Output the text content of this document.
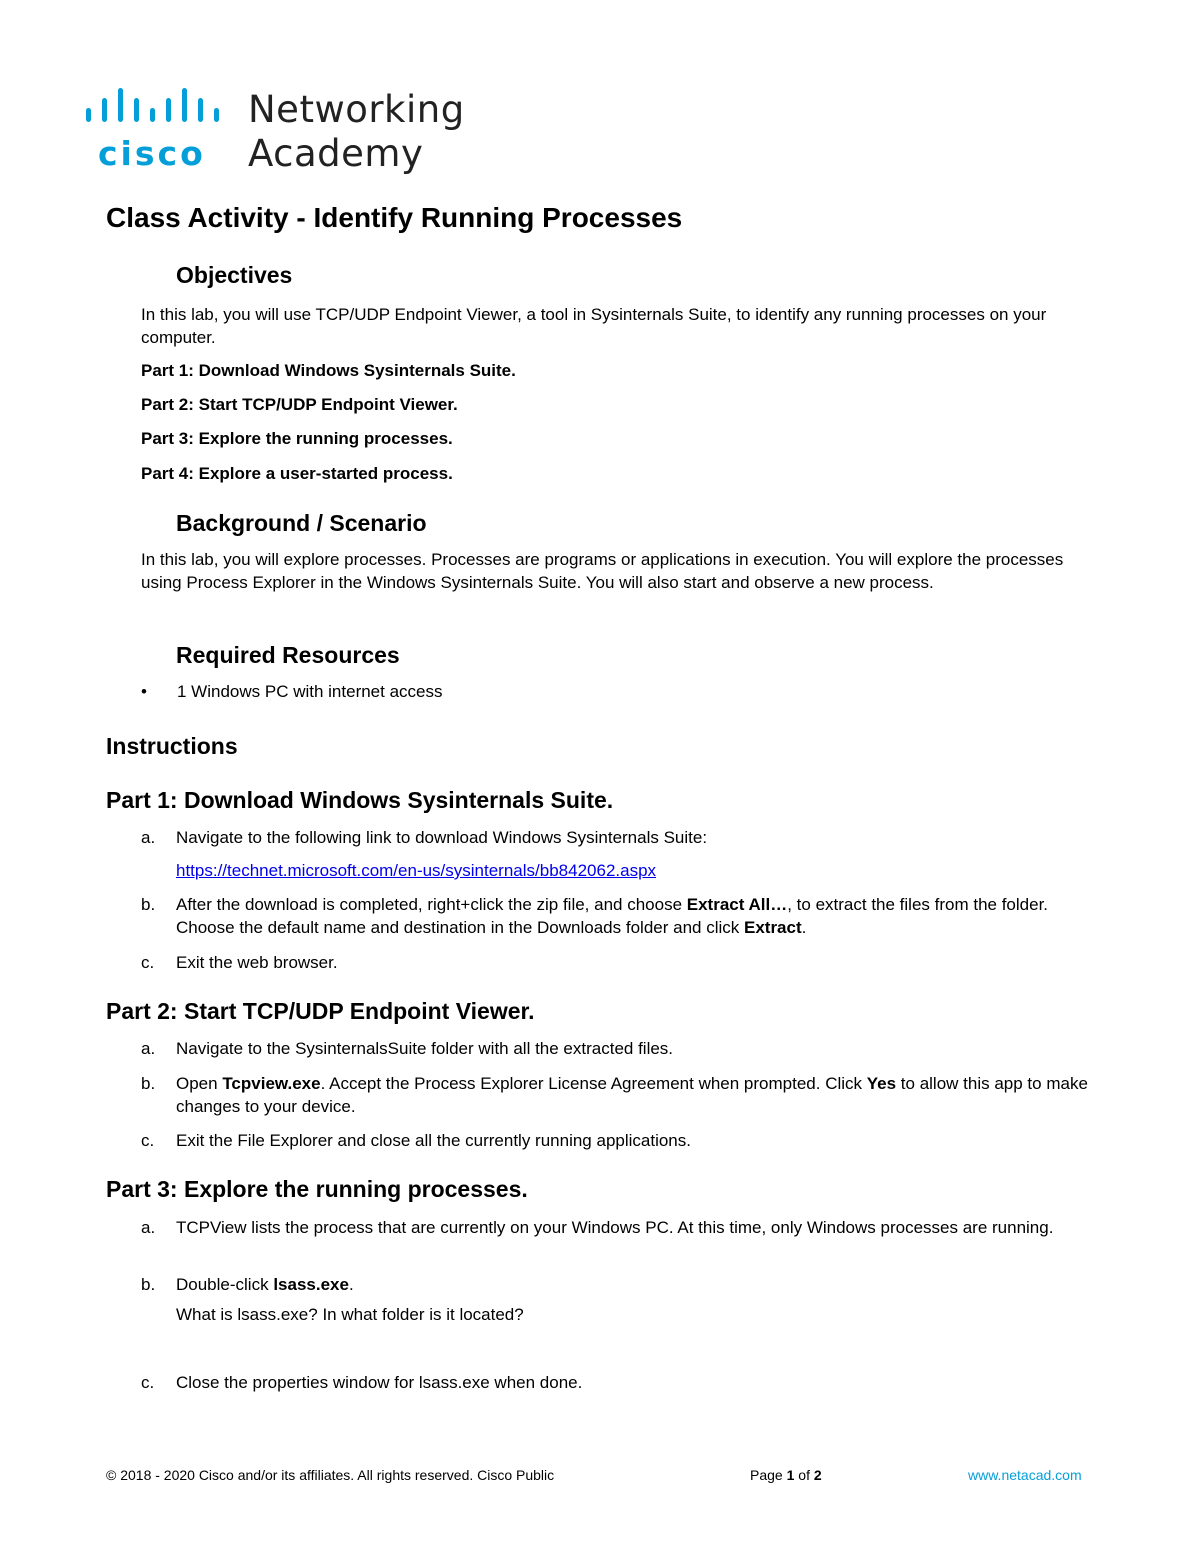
cisco
Networking
Academy
Class Activity - Identify Running Processes
Objectives
In this lab, you will use TCP/UDP Endpoint Viewer, a tool in Sysinternals Suite, to identify any running processes on your computer.
Part 1: Download Windows Sysinternals Suite.
Part 2: Start TCP/UDP Endpoint Viewer.
Part 3: Explore the running processes.
Part 4: Explore a user-started process.
Background / Scenario
In this lab, you will explore processes. Processes are programs or applications in execution. You will explore the processes using Process Explorer in the Windows Sysinternals Suite. You will also start and observe a new process.
Required Resources
•	1 Windows PC with internet access
Instructions
Part 1: Download Windows Sysinternals Suite.
a.	Navigate to the following link to download Windows Sysinternals Suite:
https://technet.microsoft.com/en-us/sysinternals/bb842062.aspx
b.	After the download is completed, right+click the zip file, and choose Extract All…, to extract the files from the folder. Choose the default name and destination in the Downloads folder and click Extract.
c.	Exit the web browser.
Part 2: Start TCP/UDP Endpoint Viewer.
a.	Navigate to the SysinternalsSuite folder with all the extracted files.
b.	Open Tcpview.exe. Accept the Process Explorer License Agreement when prompted. Click Yes to allow this app to make changes to your device.
c.	Exit the File Explorer and close all the currently running applications.
Part 3: Explore the running processes.
a.	TCPView lists the process that are currently on your Windows PC. At this time, only Windows processes are running.
b.	Double-click lsass.exe.
What is lsass.exe? In what folder is it located?
c.	Close the properties window for lsass.exe when done.
© 2018 - 2020 Cisco and/or its affiliates. All rights reserved. Cisco Public	Page 1 of 2	www.netacad.com
